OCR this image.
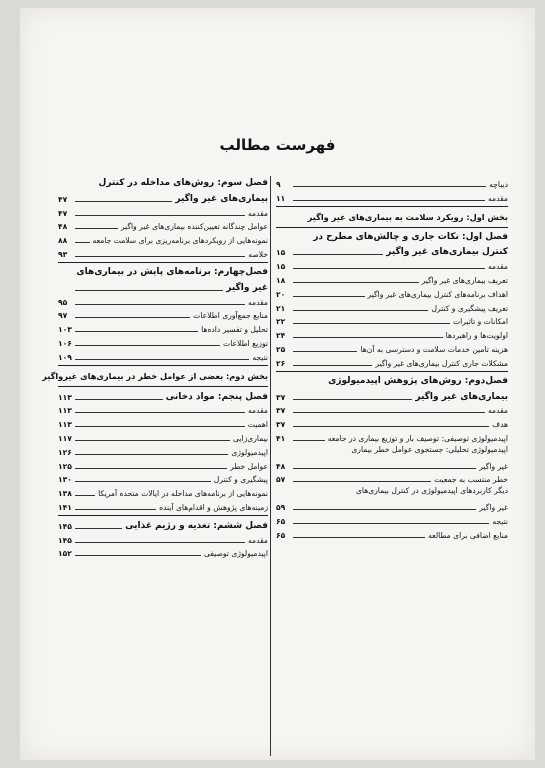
فهرست مطالب
دیباچه
۹
مقدمه
۱۱
بخش اول: رویکرد سلامت به بیماری‌های غیر واگیر
فصل اول: نکات جاری و چالش‌های مطرح در
کنترل بیماری‌های غیر واگیر
۱۵
مقدمه
۱۵
تعریف بیماری‌های غیر واگیر
۱۸
اهداف برنامه‌های کنترل بیماری‌های غیر واگیر
۲۰
تعریف پیشگیری و کنترل
۲۱
امکانات و تاثیرات
۲۲
اولویت‌ها و راهبردها
۲۴
هزینه تامین خدمات سلامت و دسترسی به آن‌ها
۲۵
مشکلات جاری کنترل بیماری‌های غیر واگیر
۲۶
فصل‌دوم: روش‌های پژوهش اپیدمیولوژی
بیماری‌های غیر واگیر
۳۷
مقدمه
۳۷
هدف
۳۷
اپیدمیولوژی توصیفی: توصیف بار و توزیع بیماری در جامعه
۴۱
اپیدمیولوژی تحلیلی: جستجوی عوامل خطر بیماری
غیر واگیر
۴۸
خطر منتسب به جمعیت
۵۷
دیگر کاربردهای اپیدمیولوژی در کنترل بیماری‌های
غیر واگیر
۵۹
نتیجه
۶۵
منابع اضافی برای مطالعه
۶۵
فصل سوم: روش‌های مداخله در کنترل
بیماری‌های غیر واگیر
۴۷
مقدمه
۴۷
عوامل چندگانه تعیین‌کننده بیماری‌های غیر واگیر
۴۸
نمونه‌هایی از رویکردهای برنامه‌ریزی برای سلامت جامعه
۸۸
خلاصه
۹۳
فصل‌چهارم: برنامه‌های پایش در بیماری‌های
غیر واگیر
مقدمه
۹۵
منابع جمع‌آوری اطلاعات
۹۷
تحلیل و تفسیر داده‌ها
۱۰۳
توزیع اطلاعات
۱۰۶
نتیجه
۱۰۹
بخش دوم: بعضی از عوامل خطر در بیماری‌های غیرواگیر
فصل پنجم: مواد دخانی
۱۱۳
مقدمه
۱۱۳
اهمیت
۱۱۳
بیماری‌زایی
۱۱۷
اپیدمیولوژی
۱۲۶
عوامل خطر
۱۲۵
پیشگیری و کنترل
۱۳۰
نمونه‌هایی از برنامه‌های مداخله در ایالات متحده آمریکا
۱۳۸
زمینه‌های پژوهش و اقدام‌های آینده
۱۴۱
فصل ششم: تغذیه و رژیم غذایی
۱۴۵
مقدمه
۱۴۵
اپیدمیولوژی توصیفی
۱۵۲
